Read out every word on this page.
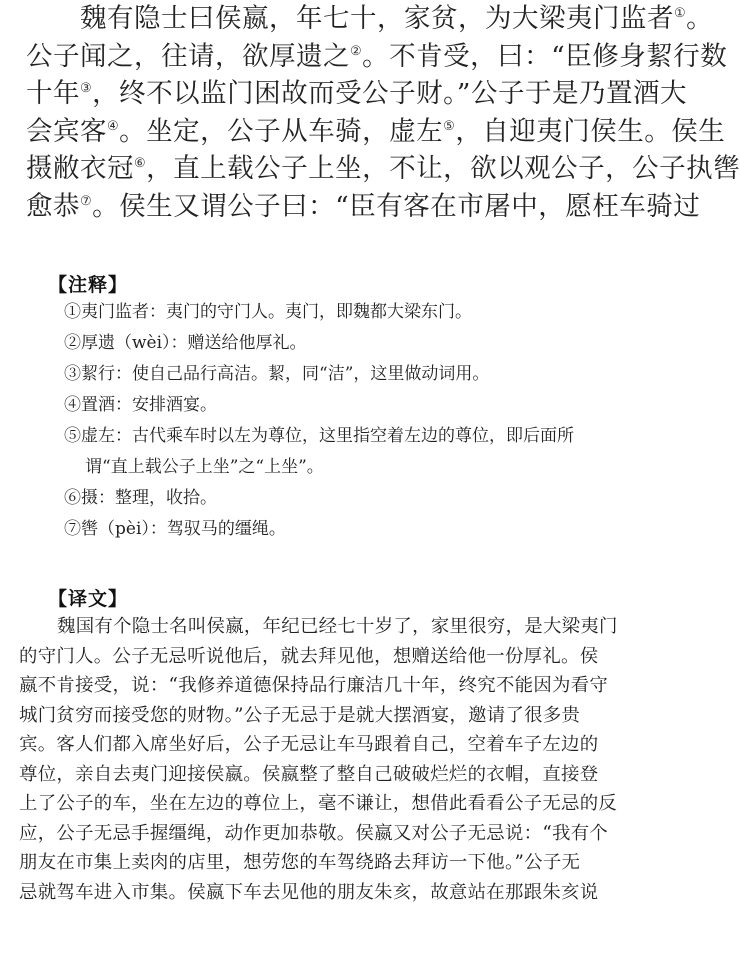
魏有隐士曰侯嬴，年七十，家贫，为大梁夷门监者①。

公子闻之，往请，欲厚遗之②。不肯受，曰：“臣修身絜行数

十年③，终不以监门困故而受公子财。”公子于是乃置酒大

会宾客④。坐定，公子从车骑，虚左⑤，自迎夷门侯生。侯生

摄敝衣冠⑥，直上载公子上坐，不让，欲以观公子，公子执辔

愈恭⑦。侯生又谓公子曰：“臣有客在市屠中，愿枉车骑过

【注释】
①夷门监者：夷门的守门人。夷门，即魏都大梁东门。
②厚遗（wèi）：赠送给他厚礼。
③絜行：使自己品行高洁。絜，同“洁”，这里做动词用。
④置酒：安排酒宴。
⑤虚左：古代乘车时以左为尊位，这里指空着左边的尊位，即后面所
谓“直上载公子上坐”之“上坐”。
⑥摄：整理，收拾。
⑦辔（pèi）：驾驭马的缰绳。
【译文】

魏国有个隐士名叫侯嬴，年纪已经七十岁了，家里很穷，是大梁夷门

的守门人。公子无忌听说他后，就去拜见他，想赠送给他一份厚礼。侯

嬴不肯接受，说：“我修养道德保持品行廉洁几十年，终究不能因为看守

城门贫穷而接受您的财物。”公子无忌于是就大摆酒宴，邀请了很多贵

宾。客人们都入席坐好后，公子无忌让车马跟着自己，空着车子左边的

尊位，亲自去夷门迎接侯嬴。侯嬴整了整自己破破烂烂的衣帽，直接登

上了公子的车，坐在左边的尊位上，毫不谦让，想借此看看公子无忌的反

应，公子无忌手握缰绳，动作更加恭敬。侯嬴又对公子无忌说：“我有个

朋友在市集上卖肉的店里，想劳您的车驾绕路去拜访一下他。”公子无

忌就驾车进入市集。侯嬴下车去见他的朋友朱亥，故意站在那跟朱亥说
